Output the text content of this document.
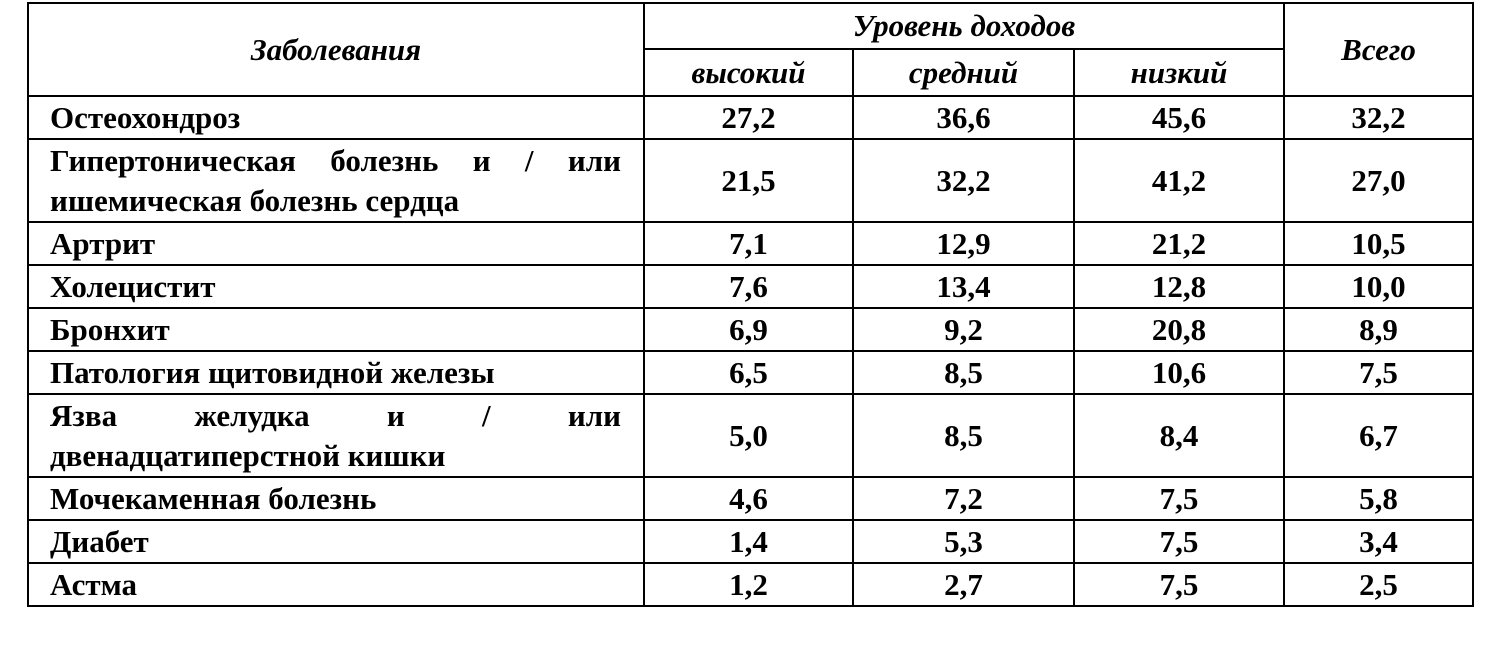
Заболевания	Уровень доходов			Всего
	высокий	средний	низкий	
Остеохондроз	27,2	36,6	45,6	32,2
Гипертоническая болезнь и / или ишемическая болезнь сердца	21,5	32,2	41,2	27,0
Артрит	7,1	12,9	21,2	10,5
Холецистит	7,6	13,4	12,8	10,0
Бронхит	6,9	9,2	20,8	8,9
Патология щитовидной железы	6,5	8,5	10,6	7,5
Язва желудка и / или двенадцатиперстной кишки	5,0	8,5	8,4	6,7
Мочекаменная болезнь	4,6	7,2	7,5	5,8
Диабет	1,4	5,3	7,5	3,4
Астма	1,2	2,7	7,5	2,5
